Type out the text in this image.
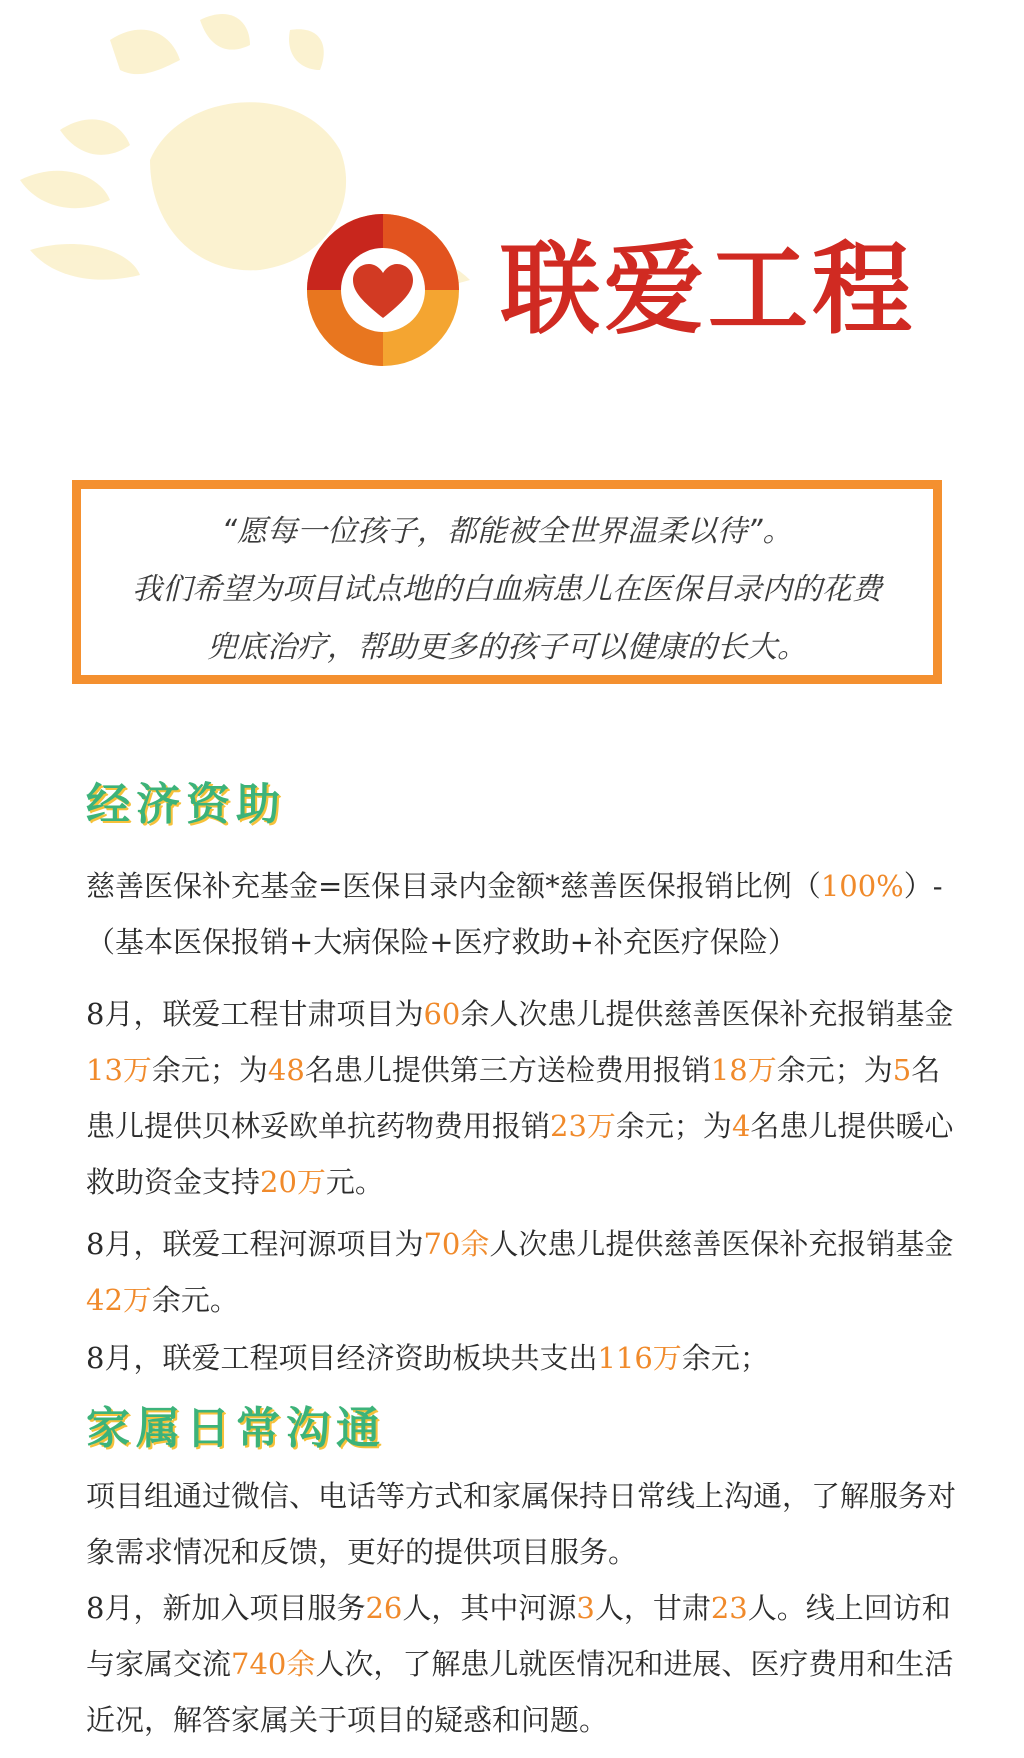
联爱工程

“愿每一位孩子，都能被全世界温柔以待”。

我们希望为项目试点地的白血病患儿在医保目录内的花费

兜底治疗，帮助更多的孩子可以健康的长大。

经济资助

慈善医保补充基金=医保目录内金额*慈善医保报销比例（100%）-（基本医保报销+大病保险+医疗救助+补充医疗保险）

8月，联爱工程甘肃项目为60余人次患儿提供慈善医保补充报销基金13万余元；为48名患儿提供第三方送检费用报销18万余元；为5名患儿提供贝林妥欧单抗药物费用报销23万余元；为4名患儿提供暖心救助资金支持20万元。

8月，联爱工程河源项目为70余人次患儿提供慈善医保补充报销基金42万余元。

8月，联爱工程项目经济资助板块共支出116万余元；

家属日常沟通

项目组通过微信、电话等方式和家属保持日常线上沟通，了解服务对象需求情况和反馈，更好的提供项目服务。

8月，新加入项目服务26人，其中河源3人，甘肃23人。线上回访和与家属交流740余人次，了解患儿就医情况和进展、医疗费用和生活近况，解答家属关于项目的疑惑和问题。
